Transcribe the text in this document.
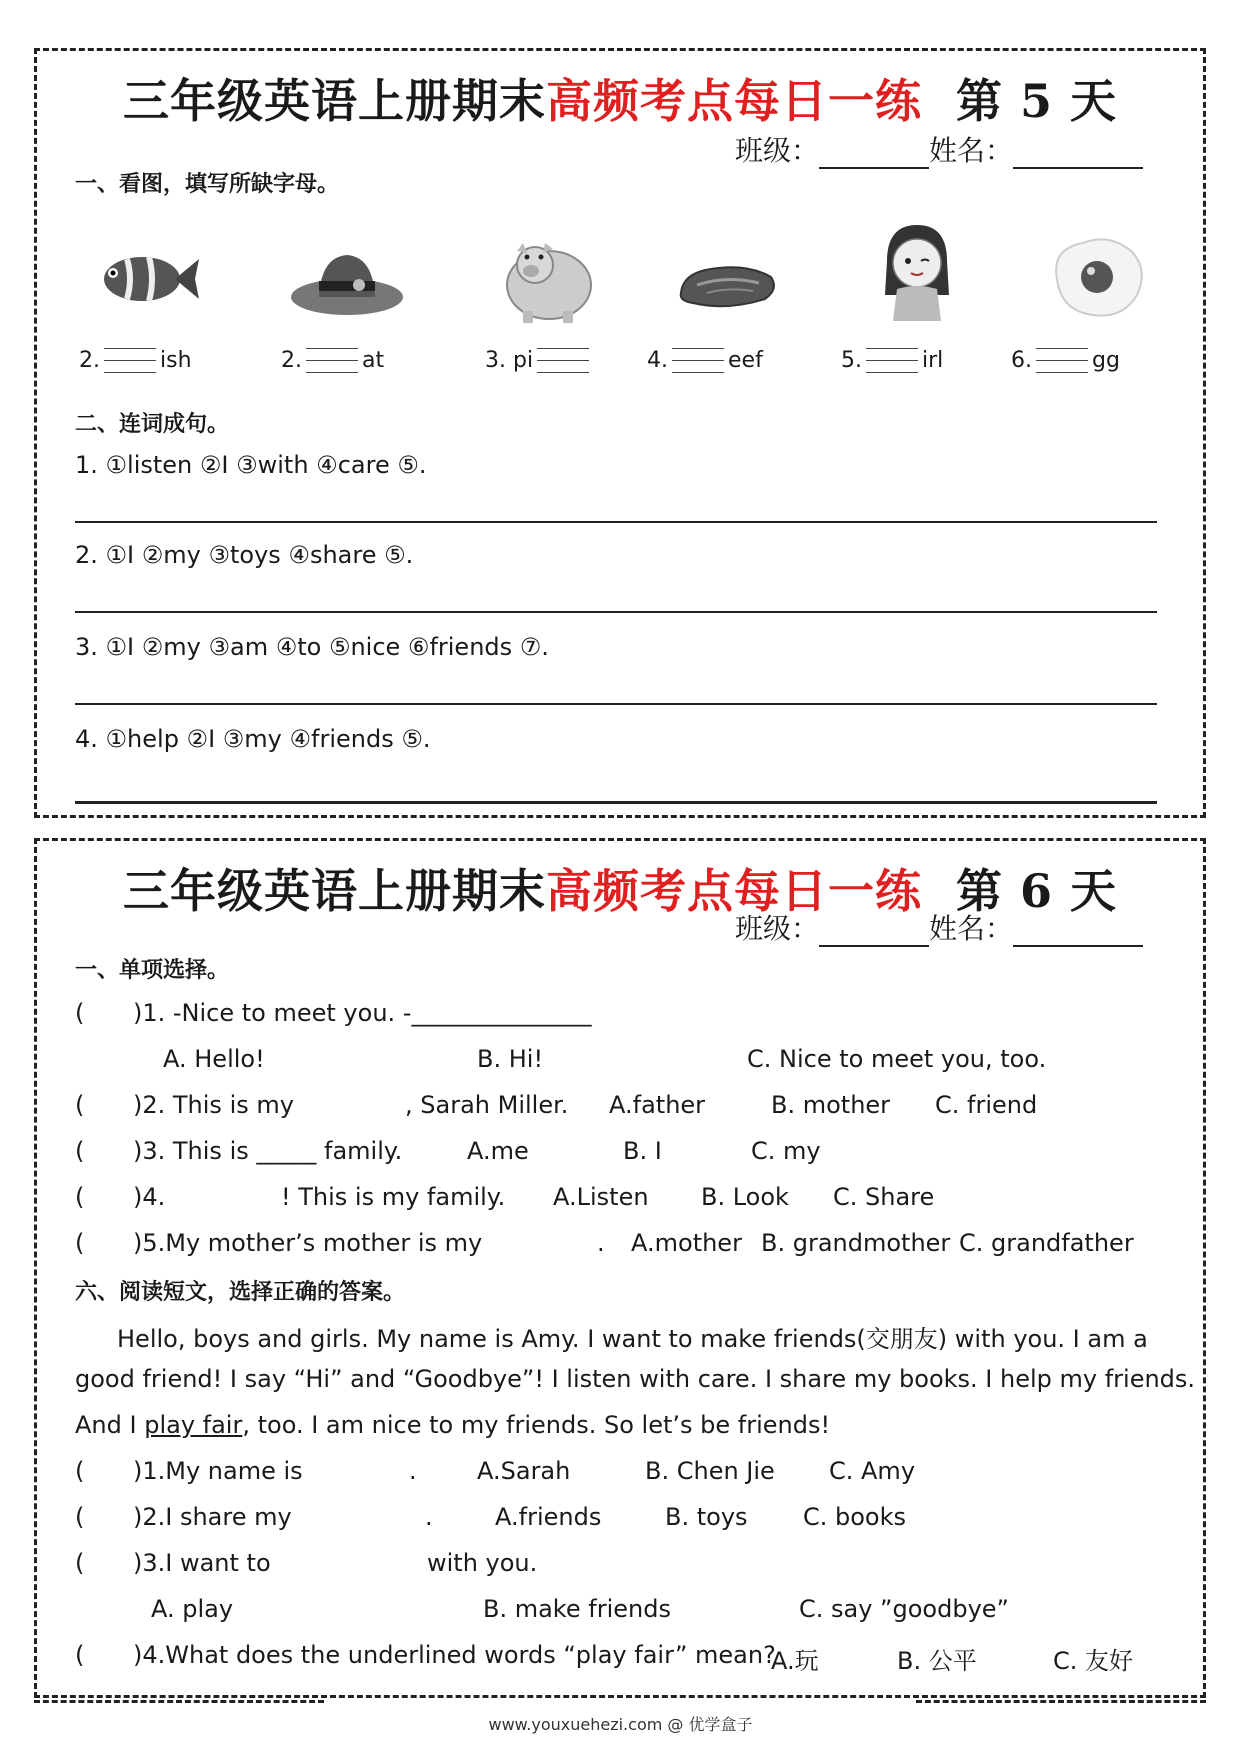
三年级英语上册期末高频考点每日一练 第 5 天
班级：	姓名：
一、看图，填写所缺字母。
2.	ish	2.	at	3. pi	4.	eef	5.	irl	6.	gg
二、连词成句。
1. ①listen ②I ③with ④care ⑤.
2. ①I ②my ③toys ④share ⑤.
3. ①I ②my ③am ④to ⑤nice ⑥friends ⑦.
4. ①help ②I ③my ④friends ⑤.
三年级英语上册期末高频考点每日一练 第 6 天
班级：	姓名：
一、单项选择。
( )1. -Nice to meet you. -_______________
A. Hello!	B. Hi!	C. Nice to meet you, too.
( )2. This is my	, Sarah Miller. A.father	B. mother C. friend
( )3. This is _____ family.	A.me	B. I	C. my
( )4.	! This is my family. A.Listen B. Look C. Share
( )5.My mother’s mother is my	. A.mother B. grandmother C. grandfather
六、阅读短文，选择正确的答案。
Hello, boys and girls. My name is Amy. I want to make friends(交朋友) with you. I am a
good friend! I say “Hi” and “Goodbye”! I listen with care. I share my books. I help my friends.
And I play fair, too. I am nice to my friends. So let’s be friends!
( )1.My name is	.	A.Sarah	B. Chen Jie C. Amy
( )2.I share my	.	A.friends	B. toys C. books
( )3.I want to	with you.
A. play	B. make friends	C. say ”goodbye”
( )4.What does the underlined words “play fair” mean?
A.玩	B. 公平	C. 友好
www.youxuehezi.com @ 优学盒子
